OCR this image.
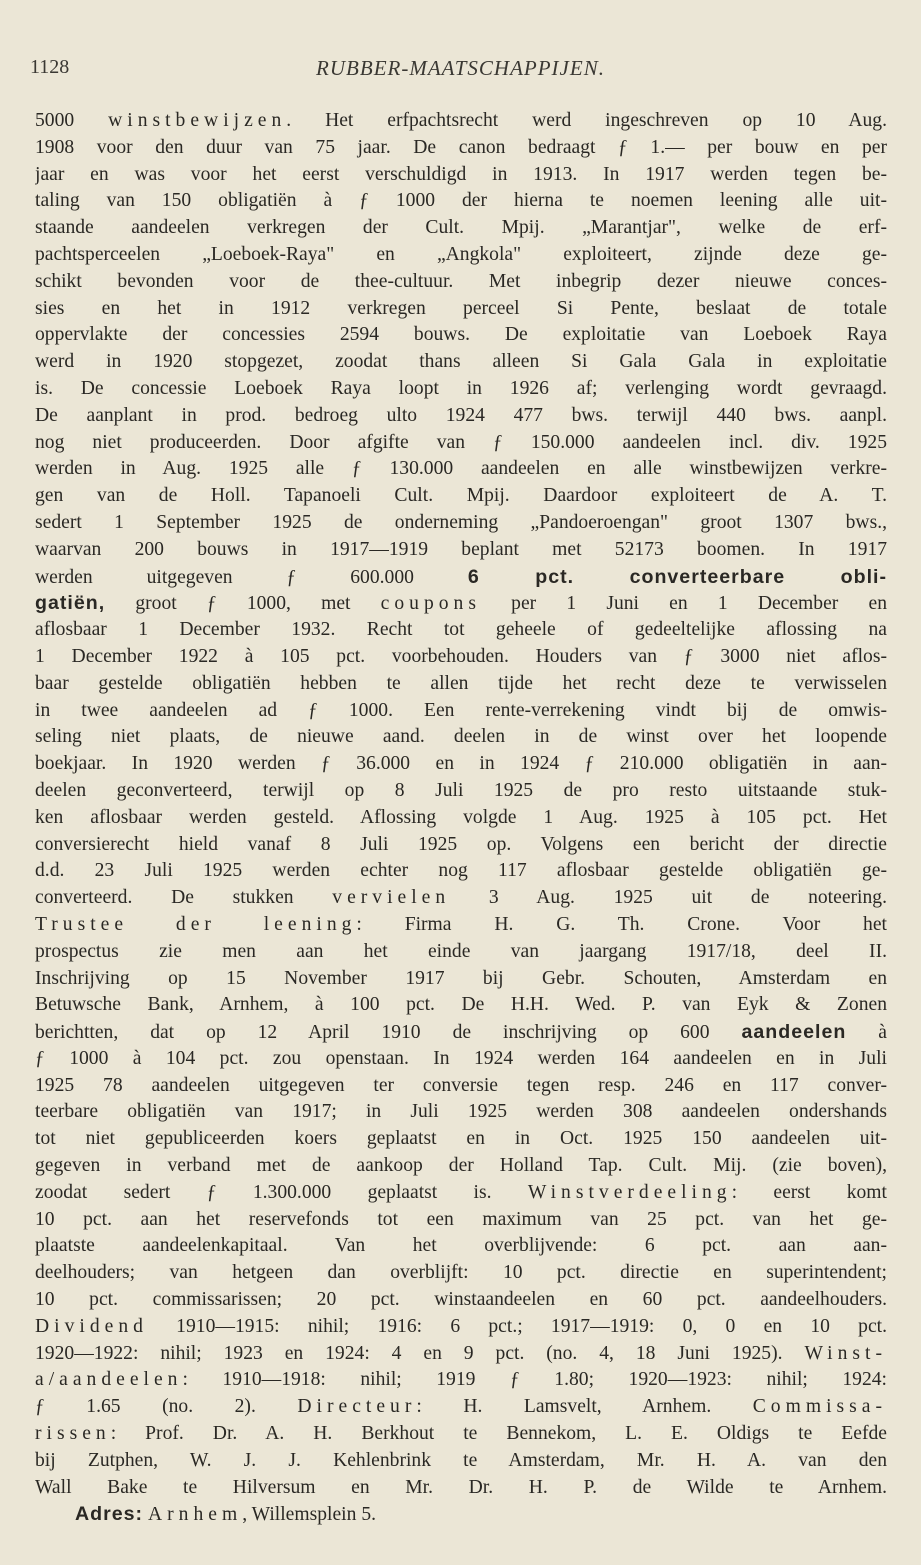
1128	RUBBER-MAATSCHAPPIJEN.
5000 winstbewijzen. Het erfpachtsrecht werd ingeschreven op 10 Aug.
1908 voor den duur van 75 jaar. De canon bedraagt ƒ 1.— per bouw en per
jaar en was voor het eerst verschuldigd in 1913. In 1917 werden tegen be-
taling van 150 obligatiën à ƒ 1000 der hierna te noemen leening alle uit-
staande aandeelen verkregen der Cult. Mpij. „Marantjar", welke de erf-
pachtsperceelen „Loeboek-Raya" en „Angkola" exploiteert, zijnde deze ge-
schikt bevonden voor de thee-cultuur. Met inbegrip dezer nieuwe conces-
sies en het in 1912 verkregen perceel Si Pente, beslaat de totale
oppervlakte der concessies 2594 bouws. De exploitatie van Loeboek Raya
werd in 1920 stopgezet, zoodat thans alleen Si Gala Gala in exploitatie
is. De concessie Loeboek Raya loopt in 1926 af; verlenging wordt gevraagd.
De aanplant in prod. bedroeg ulto 1924 477 bws. terwijl 440 bws. aanpl.
nog niet produceerden. Door afgifte van ƒ 150.000 aandeelen incl. div. 1925
werden in Aug. 1925 alle ƒ 130.000 aandeelen en alle winstbewijzen verkre-
gen van de Holl. Tapanoeli Cult. Mpij. Daardoor exploiteert de A. T.
sedert 1 September 1925 de onderneming „Pandoeroengan" groot 1307 bws.,
waarvan 200 bouws in 1917—1919 beplant met 52173 boomen. In 1917
werden uitgegeven ƒ 600.000 6 pct. converteerbare obli-
gatiën, groot ƒ 1000, met coupons per 1 Juni en 1 December en
aflosbaar 1 December 1932. Recht tot geheele of gedeeltelijke aflossing na
1 December 1922 à 105 pct. voorbehouden. Houders van ƒ 3000 niet aflos-
baar gestelde obligatiën hebben te allen tijde het recht deze te verwisselen
in twee aandeelen ad ƒ 1000. Een rente-verrekening vindt bij de omwis-
seling niet plaats, de nieuwe aand. deelen in de winst over het loopende
boekjaar. In 1920 werden ƒ 36.000 en in 1924 ƒ 210.000 obligatiën in aan-
deelen geconverteerd, terwijl op 8 Juli 1925 de pro resto uitstaande stuk-
ken aflosbaar werden gesteld. Aflossing volgde 1 Aug. 1925 à 105 pct. Het
conversierecht hield vanaf 8 Juli 1925 op. Volgens een bericht der directie
d.d. 23 Juli 1925 werden echter nog 117 aflosbaar gestelde obligatiën ge-
converteerd. De stukken vervielen 3 Aug. 1925 uit de noteering.
Trustee der leening: Firma H. G. Th. Crone. Voor het
prospectus zie men aan het einde van jaargang 1917/18, deel II.
Inschrijving op 15 November 1917 bij Gebr. Schouten, Amsterdam en
Betuwsche Bank, Arnhem, à 100 pct. De H.H. Wed. P. van Eyk & Zonen
berichtten, dat op 12 April 1910 de inschrijving op 600 aandeelen à
ƒ 1000 à 104 pct. zou openstaan. In 1924 werden 164 aandeelen en in Juli
1925 78 aandeelen uitgegeven ter conversie tegen resp. 246 en 117 conver-
teerbare obligatiën van 1917; in Juli 1925 werden 308 aandeelen ondershands
tot niet gepubliceerden koers geplaatst en in Oct. 1925 150 aandeelen uit-
gegeven in verband met de aankoop der Holland Tap. Cult. Mij. (zie boven),
zoodat sedert ƒ 1.300.000 geplaatst is. Winstverdeeling: eerst komt
10 pct. aan het reservefonds tot een maximum van 25 pct. van het ge-
plaatste aandeelenkapitaal. Van het overblijvende: 6 pct. aan aan-
deelhouders; van hetgeen dan overblijft: 10 pct. directie en superintendent;
10 pct. commissarissen; 20 pct. winstaandeelen en 60 pct. aandeelhouders.
Dividend 1910—1915: nihil; 1916: 6 pct.; 1917—1919: 0, 0 en 10 pct.
1920—1922: nihil; 1923 en 1924: 4 en 9 pct. (no. 4, 18 Juni 1925). Winst-
a/aandeelen: 1910—1918: nihil; 1919 ƒ 1.80; 1920—1923: nihil; 1924:
ƒ 1.65 (no. 2). Directeur: H. Lamsvelt, Arnhem. Commissa-
rissen: Prof. Dr. A. H. Berkhout te Bennekom, L. E. Oldigs te Eefde
bij Zutphen, W. J. J. Kehlenbrink te Amsterdam, Mr. H. A. van den
Wall Bake te Hilversum en Mr. Dr. H. P. de Wilde te Arnhem.
Adres: Arnhem, Willemsplein 5.
